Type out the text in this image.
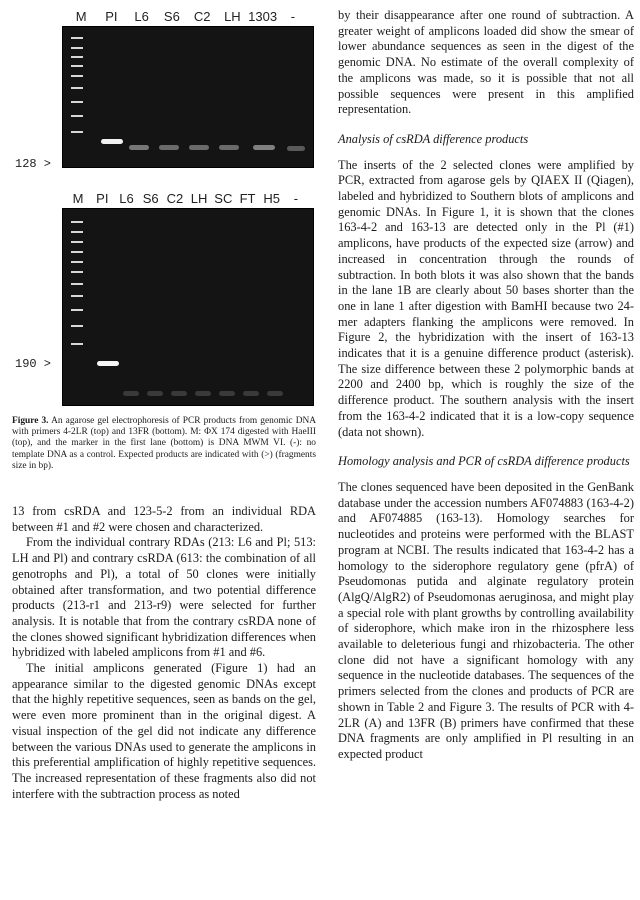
M	PI	L6	S6	C2	LH 1303	-
128 >
M PI L6 S6 C2 LH SC FT H5	-
190 >
Figure 3. An agarose gel electrophoresis of PCR products from genomic DNA with primers 4-2LR (top) and 13FR (bottom). M: ΦX 174 digested with HaeIII (top), and the marker in the first lane (bottom) is DNA MWM VI. (-): no template DNA as a control. Expected products are indicated with (>) (fragments size in bp).

13 from csRDA and 123-5-2 from an individual RDA between #1 and #2 were chosen and characterized.

From the individual contrary RDAs (213: L6 and Pl; 513: LH and Pl) and contrary csRDA (613: the combination of all genotrophs and Pl), a total of 50 clones were initially obtained after transformation, and two potential difference products (213-r1 and 213-r9) were selected for further analysis. It is notable that from the contrary csRDA none of the clones showed significant hybridization differences when hybridized with labeled amplicons from #1 and #6.

The initial amplicons generated (Figure 1) had an appearance similar to the digested genomic DNAs except that the highly repetitive sequences, seen as bands on the gel, were even more prominent than in the original digest. A visual inspection of the gel did not indicate any difference between the various DNAs used to generate the amplicons in this preferential amplification of highly repetitive sequences. The increased representation of these fragments also did not interfere with the subtraction process as noted

by their disappearance after one round of subtraction. A greater weight of amplicons loaded did show the smear of lower abundance sequences as seen in the digest of the genomic DNA. No estimate of the overall complexity of the amplicons was made, so it is possible that not all possible sequences were present in this amplified representation.

Analysis of csRDA difference products

The inserts of the 2 selected clones were amplified by PCR, extracted from agarose gels by QIAEX II (Qiagen), labeled and hybridized to Southern blots of amplicons and genomic DNAs. In Figure 1, it is shown that the clones 163-4-2 and 163-13 are detected only in the Pl (#1) amplicons, have products of the expected size (arrow) and increased in concentration through the rounds of subtraction. In both blots it was also shown that the bands in the lane 1B are clearly about 50 bases shorter than the one in lane 1 after digestion with BamHI because two 24-mer adapters flanking the amplicons were removed. In Figure 2, the hybridization with the insert of 163-13 indicates that it is a genuine difference product (asterisk). The size difference between these 2 polymorphic bands at 2200 and 2400 bp, which is roughly the size of the difference product. The southern analysis with the insert from the 163-4-2 indicated that it is a low-copy sequence (data not shown).

Homology analysis and PCR of csRDA difference products

The clones sequenced have been deposited in the GenBank database under the accession numbers AF074883 (163-4-2) and AF074885 (163-13). Homology searches for nucleotides and proteins were performed with the BLAST program at NCBI. The results indicated that 163-4-2 has a homology to the siderophore regulatory gene (pfrA) of Pseudomonas putida and alginate regulatory protein (AlgQ/AlgR2) of Pseudomonas aeruginosa, and might play a special role with plant growths by controlling availability of siderophore, which make iron in the rhizosphere less available to deleterious fungi and rhizobacteria. The other clone did not have a significant homology with any sequence in the nucleotide databases. The sequences of the primers selected from the clones and products of PCR are shown in Table 2 and Figure 3. The results of PCR with 4-2LR (A) and 13FR (B) primers have confirmed that these DNA fragments are only amplified in Pl resulting in an expected product
